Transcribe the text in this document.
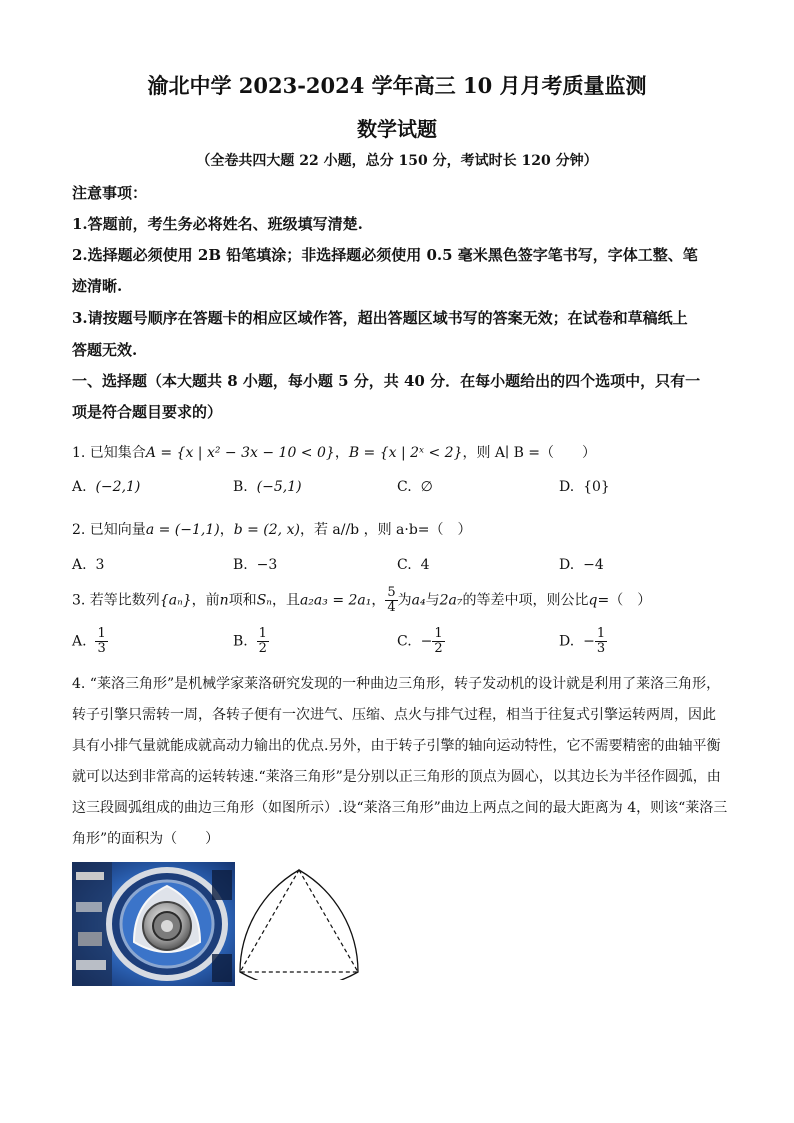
渝北中学 2023-2024 学年高三 10 月月考质量监测
数学试题
（全卷共四大题 22 小题，总分 150 分，考试时长 120 分钟）
注意事项：
1.答题前，考生务必将姓名、班级填写清楚.
2.选择题必须使用 2B 铅笔填涂；非选择题必须使用 0.5 毫米黑色签字笔书写，字体工整、笔
迹清晰.
3.请按题号顺序在答题卡的相应区域作答，超出答题区域书写的答案无效；在试卷和草稿纸上
答题无效.
一、选择题（本大题共 8 小题，每小题 5 分，共 40 分．在每小题给出的四个选项中，只有一
项是符合题目要求的）
1. 已知集合A = {x | x² − 3x − 10 < 0}，B = {x | 2ˣ < 2}，则 A∣ B =（　　）
A. (−2,1)	B. (−5,1)	C. ∅	D. {0}
2. 已知向量a = (−1,1)，b = (2, x)，若 a//b ，则 a·b=（　）
A. 3	B. −3	C. 4	D. −4
3. 若等比数列{aₙ}，前n项和Sₙ，且a₂a₃ = 2a₁， $\frac{5}{4}$ 为a₄与2a₇的等差中项，则公比q=（　）
A. $\frac{1}{3}$	B. $\frac{1}{2}$	C. − $\frac{1}{2}$	D. − $\frac{1}{3}$
4. “莱洛三角形”是机械学家莱洛研究发现的一种曲边三角形，转子发动机的设计就是利用了莱洛三角形，
转子引擎只需转一周，各转子便有一次进气、压缩、点火与排气过程，相当于往复式引擎运转两周，因此
具有小排气量就能成就高动力输出的优点.另外，由于转子引擎的轴向运动特性，它不需要精密的曲轴平衡
就可以达到非常高的运转转速.“莱洛三角形”是分别以正三角形的顶点为圆心，以其边长为半径作圆弧，由
这三段圆弧组成的曲边三角形（如图所示）.设“莱洛三角形”曲边上两点之间的最大距离为 4，则该“莱洛三
角形”的面积为（　　）
